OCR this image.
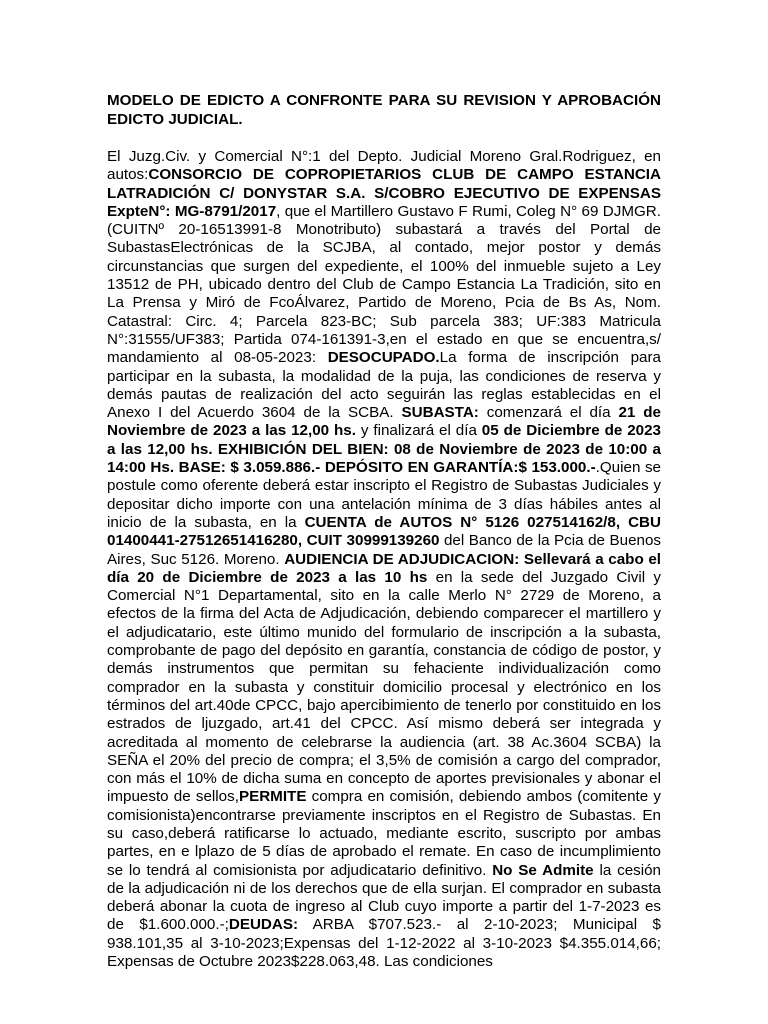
MODELO DE EDICTO A CONFRONTE PARA SU REVISION Y APROBACIÓN EDICTO JUDICIAL.

El Juzg.Civ. y Comercial N°:1 del Depto. Judicial Moreno Gral.Rodriguez, en autos:CONSORCIO DE COPROPIETARIOS CLUB DE CAMPO ESTANCIA LATRADICIÓN C/ DONYSTAR S.A. S/COBRO EJECUTIVO DE EXPENSAS ExpteN°: MG-8791/2017, que el Martillero Gustavo F Rumi, Coleg N° 69 DJMGR. (CUITNº 20-16513991-8 Monotributo) subastará a través del Portal de SubastasElectrónicas de la SCJBA, al contado, mejor postor y demás circunstancias que surgen del expediente, el 100% del inmueble sujeto a Ley 13512 de PH, ubicado dentro del Club de Campo Estancia La Tradición, sito en La Prensa y Miró de FcoÁlvarez, Partido de Moreno, Pcia de Bs As, Nom. Catastral: Circ. 4; Parcela 823-BC; Sub parcela 383; UF:383 Matricula N°:31555/UF383; Partida 074-161391-3,en el estado en que se encuentra,s/ mandamiento al 08-05-2023: DESOCUPADO.La forma de inscripción para participar en la subasta, la modalidad de la puja, las condiciones de reserva y demás pautas de realización del acto seguirán las reglas establecidas en el Anexo I del Acuerdo 3604 de la SCBA. SUBASTA: comenzará el día 21 de Noviembre de 2023 a las 12,00 hs. y finalizará el día 05 de Diciembre de 2023 a las 12,00 hs. EXHIBICIÓN DEL BIEN: 08 de Noviembre de 2023 de 10:00 a 14:00 Hs. BASE: $ 3.059.886.- DEPÓSITO EN GARANTÍA:$ 153.000.-.Quien se postule como oferente deberá estar inscripto el Registro de Subastas Judiciales y depositar dicho importe con una antelación mínima de 3 días hábiles antes al inicio de la subasta, en la CUENTA de AUTOS N° 5126 027514162/8, CBU 01400441-27512651416280, CUIT 30999139260 del Banco de la Pcia de Buenos Aires, Suc 5126. Moreno. AUDIENCIA DE ADJUDICACION: Sellevará a cabo el día 20 de Diciembre de 2023 a las 10 hs en la sede del Juzgado Civil y Comercial N°1 Departamental, sito en la calle Merlo N° 2729 de Moreno, a efectos de la firma del Acta de Adjudicación, debiendo comparecer el martillero y el adjudicatario, este último munido del formulario de inscripción a la subasta, comprobante de pago del depósito en garantía, constancia de código de postor, y demás instrumentos que permitan su fehaciente individualización como comprador en la subasta y constituir domicilio procesal y electrónico en los términos del art.40de CPCC, bajo apercibimiento de tenerlo por constituido en los estrados de ljuzgado, art.41 del CPCC. Así mismo deberá ser integrada y acreditada al momento de celebrarse la audiencia (art. 38 Ac.3604 SCBA) la SEÑA el 20% del precio de compra; el 3,5% de comisión a cargo del comprador, con más el 10% de dicha suma en concepto de aportes previsionales y abonar el impuesto de sellos,PERMITE compra en comisión, debiendo ambos (comitente y comisionista)encontrarse previamente inscriptos en el Registro de Subastas. En su caso,deberá ratificarse lo actuado, mediante escrito, suscripto por ambas partes, en e lplazo de 5 días de aprobado el remate. En caso de incumplimiento se lo tendrá al comisionista por adjudicatario definitivo. No Se Admite la cesión de la adjudicación ni de los derechos que de ella surjan. El comprador en subasta deberá abonar la cuota de ingreso al Club cuyo importe a partir del 1-7-2023 es de $1.600.000.-;DEUDAS: ARBA $707.523.- al 2-10-2023; Municipal $ 938.101,35 al 3-10-2023;Expensas del 1-12-2022 al 3-10-2023 $4.355.014,66; Expensas de Octubre 2023$228.063,48. Las condiciones
